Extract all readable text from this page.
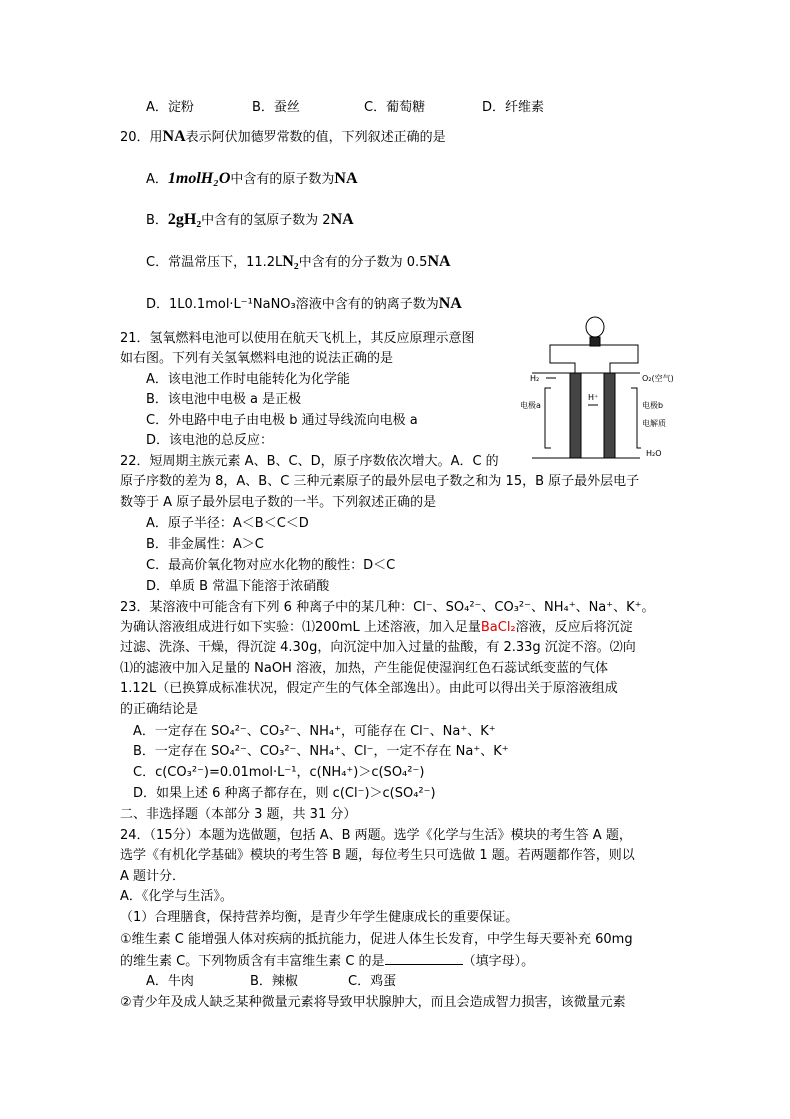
A．淀粉	B．蚕丝	C．葡萄糖	D．纤维素
20．用NA表示阿伏加德罗常数的值，下列叙述正确的是
A．1molH₂O中含有的原子数为NA
B．2gH₂中含有的氢原子数为 2NA
C．常温常压下，11.2LN₂中含有的分子数为 0.5NA
D．1L0.1mol·L⁻¹NaNO₃溶液中含有的钠离子数为NA
21．氢氧燃料电池可以使用在航天飞机上，其反应原理示意图
如右图。下列有关氢氧燃料电池的说法正确的是
A．该电池工作时电能转化为化学能
B．该电池中电极 a 是正极
C．外电路中电子由电极 b 通过导线流向电极 a
D．该电池的总反应：
H₂	O₂(空气)
电极a
H⁺
电极b
电解质
H₂O
22．短周期主族元素 A、B、C、D，原子序数依次增大。A．C 的
原子序数的差为 8，A、B、C 三种元素原子的最外层电子数之和为 15，B 原子最外层电子
数等于 A 原子最外层电子数的一半。下列叙述正确的是
A．原子半径：A＜B＜C＜D
B．非金属性：A＞C
C．最高价氧化物对应水化物的酸性：D＜C
D．单质 B 常温下能溶于浓硝酸
23．某溶液中可能含有下列 6 种离子中的某几种：Cl⁻、SO₄²⁻、CO₃²⁻、NH₄⁺、Na⁺、K⁺。
为确认溶液组成进行如下实验：⑴200mL 上述溶液，加入足量BaCl₂溶液，反应后将沉淀
过滤、洗涤、干燥，得沉淀 4.30g，向沉淀中加入过量的盐酸，有 2.33g 沉淀不溶。⑵向
⑴的滤液中加入足量的 NaOH 溶液，加热，产生能促使湿润红色石蕊试纸变蓝的气体
1.12L（已换算成标准状况，假定产生的气体全部逸出）。由此可以得出关于原溶液组成
的正确结论是
A．一定存在 SO₄²⁻、CO₃²⁻、NH₄⁺，可能存在 Cl⁻、Na⁺、K⁺
B．一定存在 SO₄²⁻、CO₃²⁻、NH₄⁺、Cl⁻，一定不存在 Na⁺、K⁺
C．c(CO₃²⁻)=0.01mol·L⁻¹，c(NH₄⁺)＞c(SO₄²⁻)
D．如果上述 6 种离子都存在，则 c(Cl⁻)＞c(SO₄²⁻)
二、非选择题（本部分 3 题，共 31 分）
24．（15分）本题为选做题，包括 A、B 两题。选学《化学与生活》模块的考生答 A 题，
选学《有机化学基础》模块的考生答 B 题，每位考生只可选做 1 题。若两题都作答，则以
A 题计分．
A．《化学与生活》。
（1）合理膳食，保持营养均衡，是青少年学生健康成长的重要保证。
①维生素 C 能增强人体对疾病的抵抗能力，促进人体生长发育，中学生每天要补充 60mg
的维生素 C。下列物质含有丰富维生素 C 的是	（填字母）。
A．牛肉	B．辣椒	C．鸡蛋
②青少年及成人缺乏某种微量元素将导致甲状腺肿大，而且会造成智力损害，该微量元素
